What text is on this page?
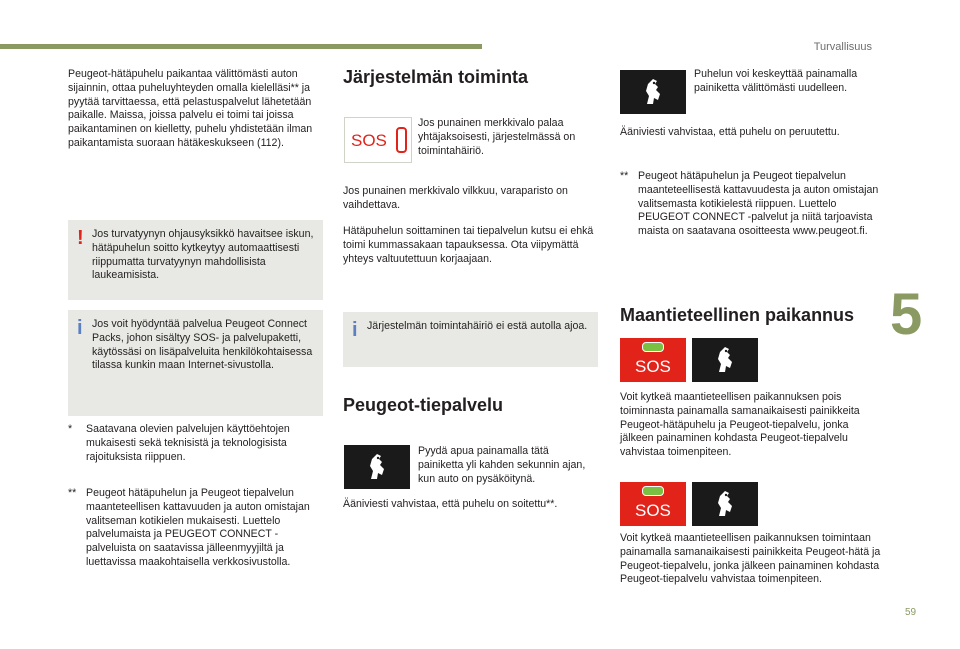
Turvallisuus
5
59

Peugeot-hätäpuhelu paikantaa välittömästi auton sijainnin, ottaa puheluyhteyden omalla kielelläsi** ja pyytää tarvittaessa, että pelastuspalvelut lähetetään paikalle. Maissa, joissa palvelu ei toimi tai joissa paikantaminen on kielletty, puhelu yhdistetään ilman paikantamista suoraan hätäkeskukseen (112).

! Jos turvatyynyn ohjausyksikkö havaitsee iskun, hätäpuhelun soitto kytkeytyy automaattisesti riippumatta turvatyynyn mahdollisista laukeamisista.
i Jos voit hyödyntää palvelua Peugeot Connect Packs, johon sisältyy SOS- ja palvelupaketti, käytössäsi on lisäpalveluita henkilökohtaisessa tilassa kunkin maan Internet-sivustolla.
* Saatavana olevien palvelujen käyttöehtojen mukaisesti sekä teknisistä ja teknologisista rajoituksista riippuen.
** Peugeot hätäpuhelun ja Peugeot tiepalvelun maanteteellisen kattavuuden ja auton omistajan valitseman kotikielen mukaisesti. Luettelo palvelumaista ja PEUGEOT CONNECT -palveluista on saatavissa jälleenmyyjiltä ja luettavissa maakohtaisella verkkosivustolla.
Järjestelmän toiminta
SOS

Jos punainen merkkivalo palaa yhtäjaksoisesti, järjestelmässä on toimintahäiriö.

Jos punainen merkkivalo vilkkuu, varaparisto on vaihdettava.

Hätäpuhelun soittaminen tai tiepalvelun kutsu ei ehkä toimi kummassakaan tapauksessa. Ota viipymättä yhteys valtuutettuun korjaajaan.

i Järjestelmän toimintahäiriö ei estä autolla ajoa.
Peugeot-tiepalvelu

Pyydä apua painamalla tätä painiketta yli kahden sekunnin ajan, kun auto on pysäköitynä.

Ääniviesti vahvistaa, että puhelu on soitettu**.

Puhelun voi keskeyttää painamalla painiketta välittömästi uudelleen.

Ääniviesti vahvistaa, että puhelu on peruutettu.

** Peugeot hätäpuhelun ja Peugeot tiepalvelun maanteteellisestä kattavuudesta ja auton omistajan valitsemasta kotikielestä riippuen. Luettelo PEUGEOT CONNECT -palvelut ja niitä tarjoavista maista on saatavana osoitteesta www.peugeot.fi.
Maantieteellinen paikannus
SOS

Voit kytkeä maantieteellisen paikannuksen pois toiminnasta painamalla samanaikaisesti painikkeita Peugeot-hätäpuhelu ja Peugeot-tiepalvelu, jonka jälkeen painaminen kohdasta Peugeot-tiepalvelu vahvistaa toimenpiteen.

SOS

Voit kytkeä maantieteellisen paikannuksen toimintaan painamalla samanaikaisesti painikkeita Peugeot-hätä ja Peugeot-tiepalvelu, jonka jälkeen painaminen kohdasta Peugeot-tiepalvelu vahvistaa toimenpiteen.
